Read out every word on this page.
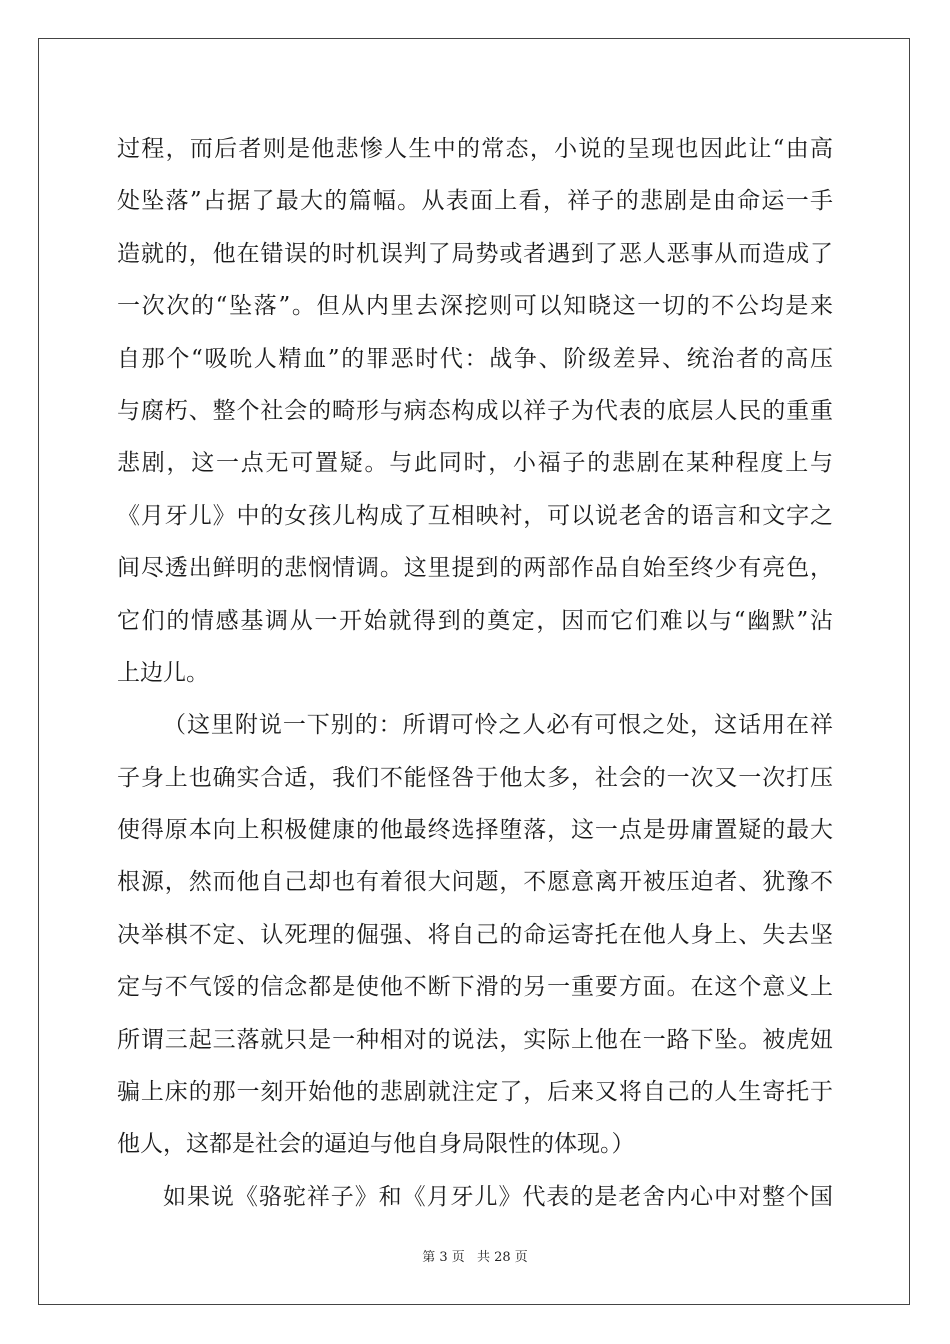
过程，而后者则是他悲惨人生中的常态，小说的呈现也因此让“由高
处坠落”占据了最大的篇幅。从表面上看，祥子的悲剧是由命运一手
造就的，他在错误的时机误判了局势或者遇到了恶人恶事从而造成了
一次次的“坠落”。但从内里去深挖则可以知晓这一切的不公均是来
自那个“吸吮人精血”的罪恶时代：战争、阶级差异、统治者的高压
与腐朽、整个社会的畸形与病态构成以祥子为代表的底层人民的重重
悲剧，这一点无可置疑。与此同时，小福子的悲剧在某种程度上与
《月牙儿》中的女孩儿构成了互相映衬，可以说老舍的语言和文字之
间尽透出鲜明的悲悯情调。这里提到的两部作品自始至终少有亮色，
它们的情感基调从一开始就得到的奠定，因而它们难以与“幽默”沾
上边儿。
（这里附说一下别的：所谓可怜之人必有可恨之处，这话用在祥
子身上也确实合适，我们不能怪咎于他太多，社会的一次又一次打压
使得原本向上积极健康的他最终选择堕落，这一点是毋庸置疑的最大
根源，然而他自己却也有着很大问题，不愿意离开被压迫者、犹豫不
决举棋不定、认死理的倔强、将自己的命运寄托在他人身上、失去坚
定与不气馁的信念都是使他不断下滑的另一重要方面。在这个意义上
所谓三起三落就只是一种相对的说法，实际上他在一路下坠。被虎妞
骗上床的那一刻开始他的悲剧就注定了，后来又将自己的人生寄托于
他人，这都是社会的逼迫与他自身局限性的体现。）
如果说《骆驼祥子》和《月牙儿》代表的是老舍内心中对整个国
第 3 页 共 28 页
